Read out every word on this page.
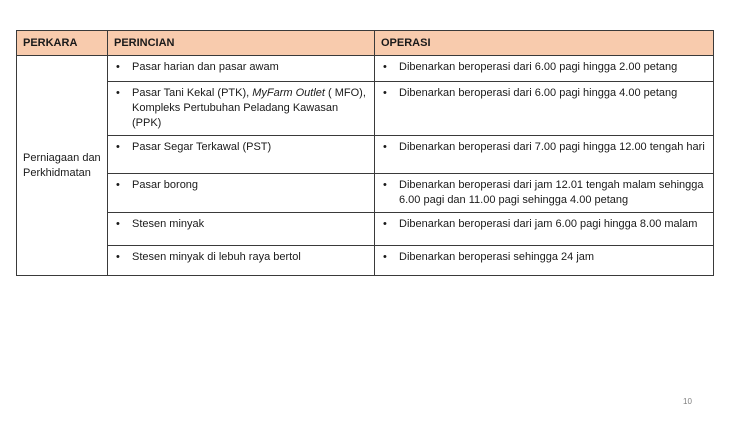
PERKARA	PERINCIAN	OPERASI
Perniagaan dan Perkhidmatan	• Pasar harian dan pasar awam	• Dibenarkan beroperasi dari 6.00 pagi hingga 2.00 petang

	• Pasar Tani Kekal (PTK), MyFarm Outlet ( MFO), Kompleks Pertubuhan Peladang Kawasan (PPK)	• Dibenarkan beroperasi dari 6.00 pagi hingga 4.00 petang

	• Pasar Segar Terkawal (PST)	• Dibenarkan beroperasi dari 7.00 pagi hingga 12.00 tengah hari

	• Pasar borong	• Dibenarkan beroperasi dari jam 12.01 tengah malam sehingga 6.00 pagi dan 11.00 pagi sehingga 4.00 petang

	• Stesen minyak	• Dibenarkan beroperasi dari jam 6.00 pagi hingga 8.00 malam

	• Stesen minyak di lebuh raya bertol	• Dibenarkan beroperasi sehingga 24 jam
10
